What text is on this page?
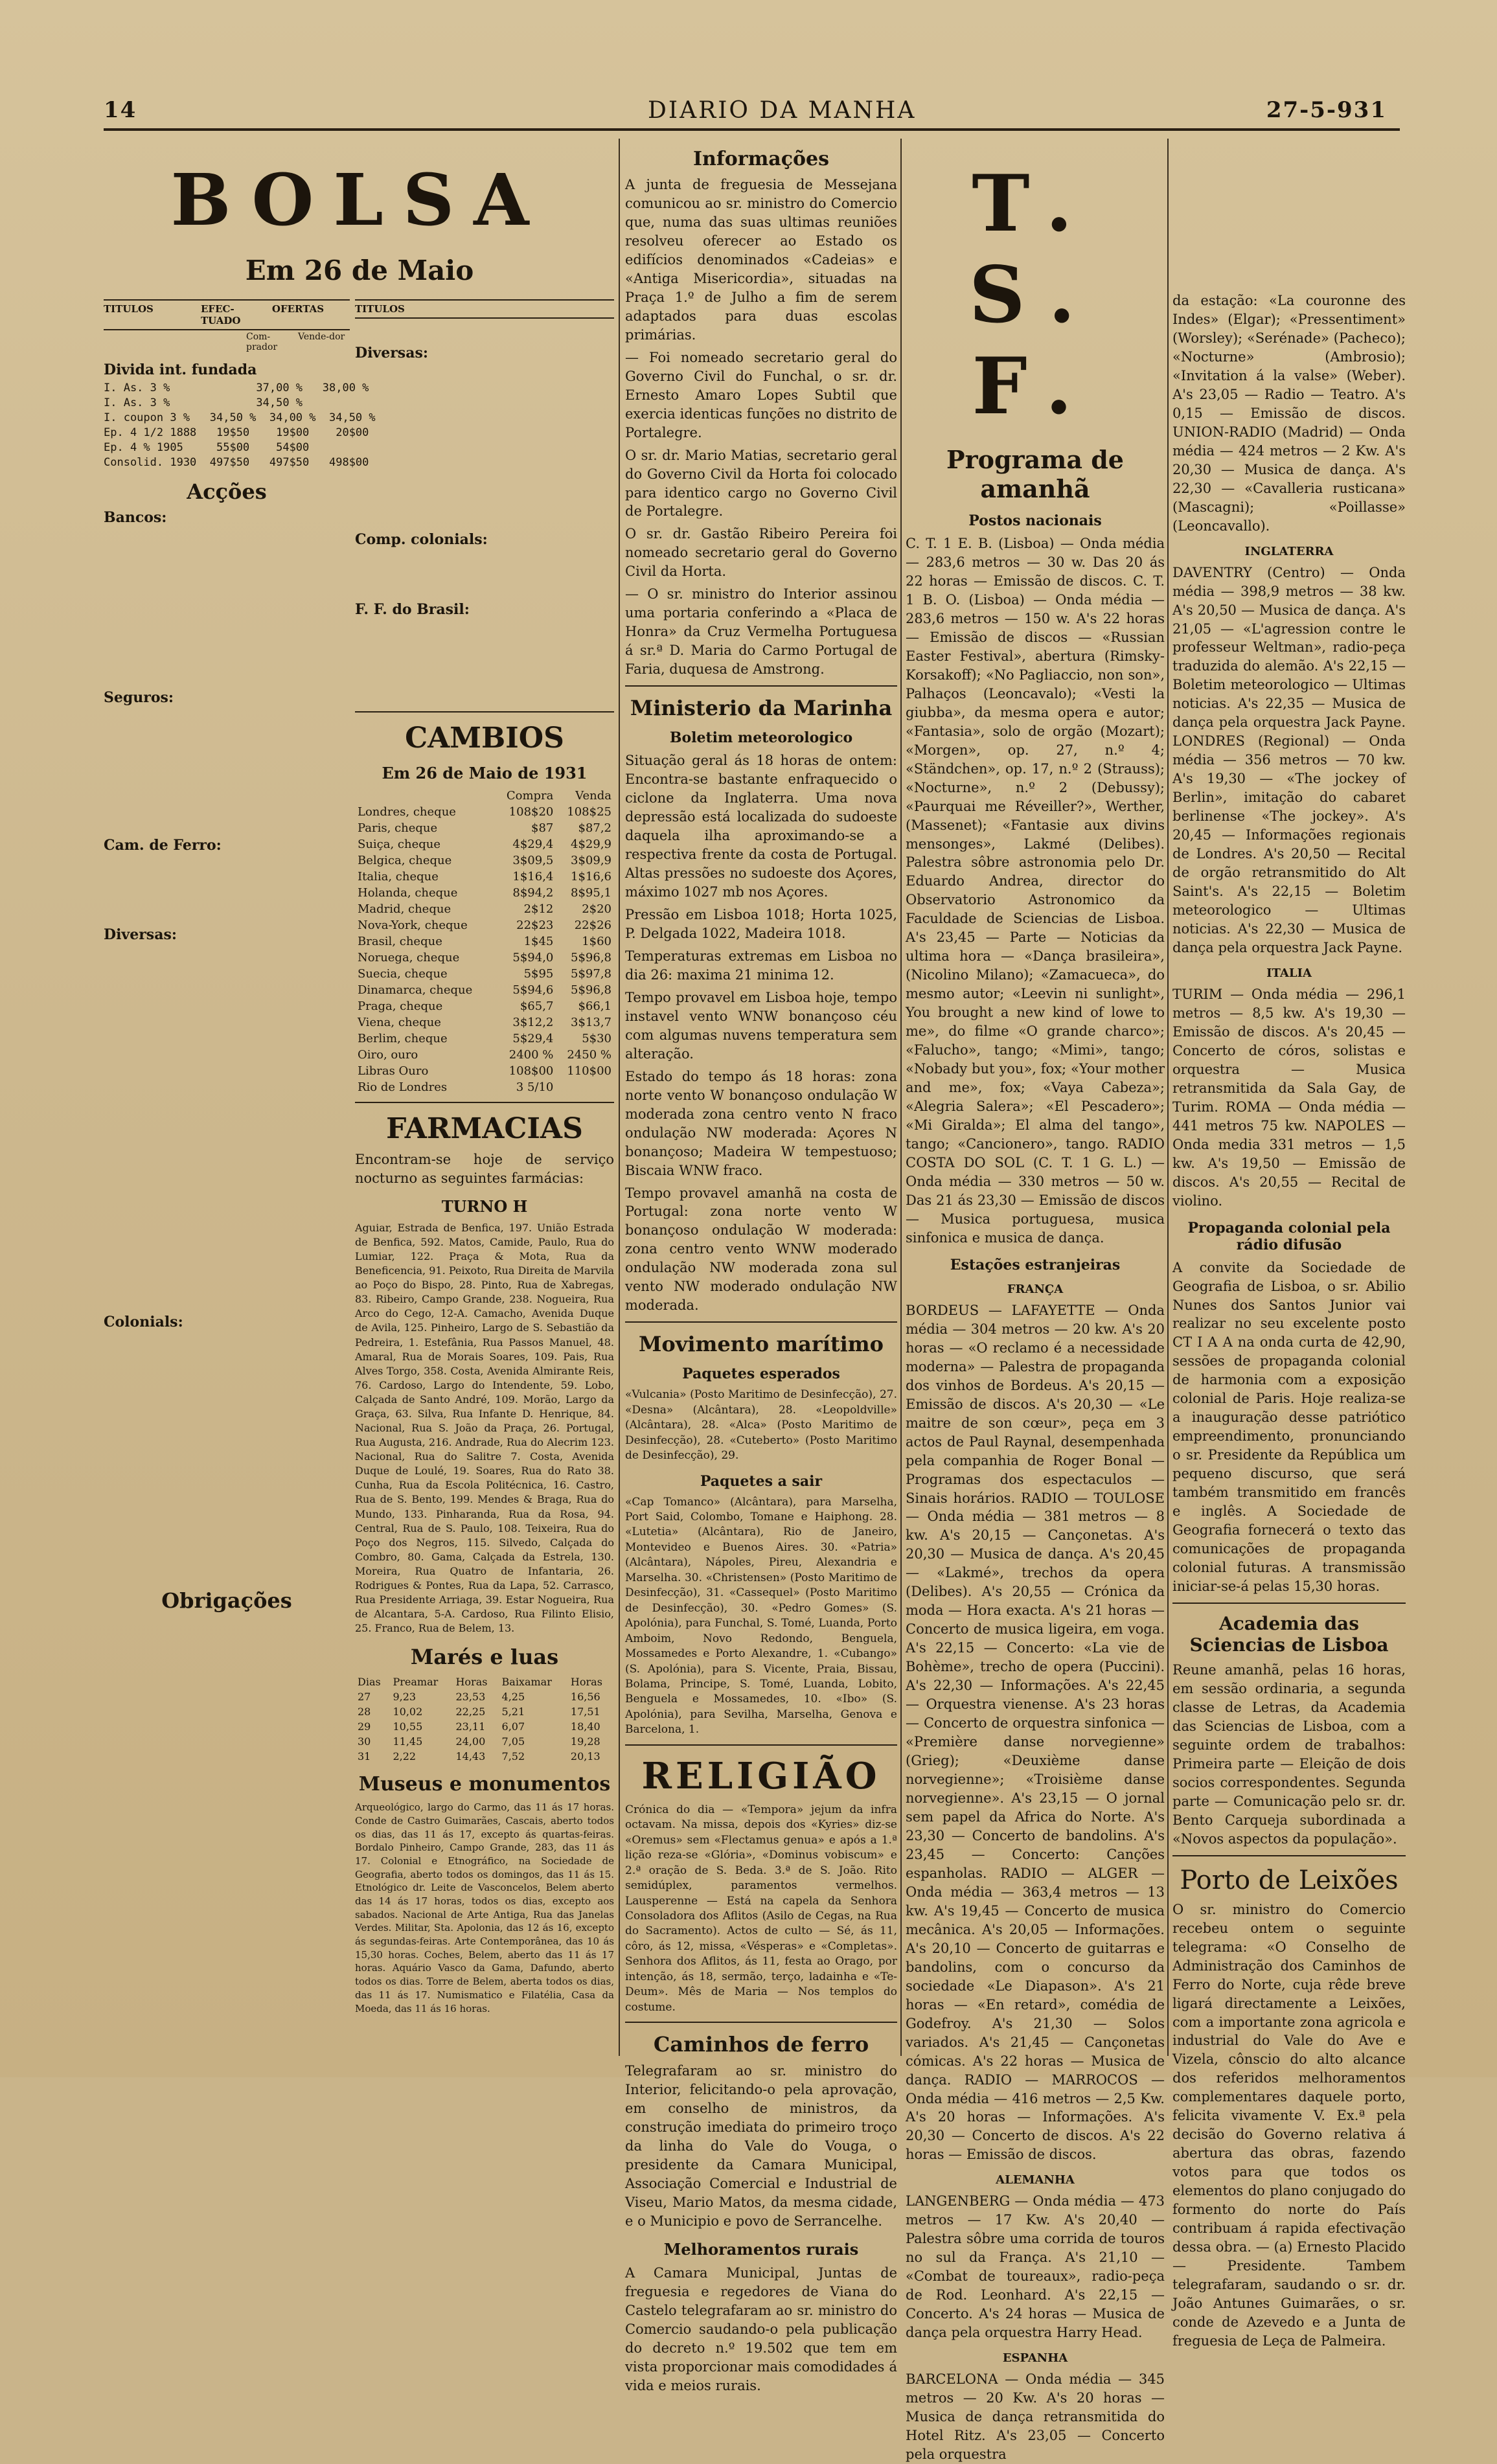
14	DIARIO DA MANHA	27-5-931
BOLSA
Em 26 de Maio
TITULOS	EFEC-TUADO
OFERTAS
Com-prador
Vende-dor
Divida int. fundada
I. As. 3 %             37,00 %   38,00 %
I. As. 3 %             34,50 %
I. coupon 3 %   34,50 %  34,00 %  34,50 %
Ep. 4 1/2 1888   19$50    19$00    20$00
Ep. 4 % 1905     55$00    54$00
Consolid. 1930  497$50   497$50   498$00
Acções
Bancos:
Seguros:
Cam. de Ferro:
Diversas:
Colonials:
Obrigações
TITULOS
Diversas:
Comp. colonials:
F. F. do Brasil:
CAMBIOS
Em 26 de Maio de 1931
	Compra	Venda
Londres, cheque	108$20	108$25
Paris, cheque	$87	$87,2
Suiça, cheque	4$29,4	4$29,9
Belgica, cheque	3$09,5	3$09,9
Italia, cheque	1$16,4	1$16,6
Holanda, cheque	8$94,2	8$95,1
Madrid, cheque	2$12	2$20
Nova-York, cheque	22$23	22$26
Brasil, cheque	1$45	1$60
Noruega, cheque	5$94,0	5$96,8
Suecia, cheque	5$95	5$97,8
Dinamarca, cheque	5$94,6	5$96,8
Praga, cheque	$65,7	$66,1
Viena, cheque	3$12,2	3$13,7
Berlim, cheque	5$29,4	5$30
Oiro, ouro	2400 %	2450 %
Libras Ouro	108$00	110$00
Rio de Londres	3 5/10	
FARMACIAS
Encontram-se hoje de serviço nocturno as seguintes farmácias:
TURNO H
Aguiar, Estrada de Benfica, 197. União Estrada de Benfica, 592. Matos, Camide, Paulo, Rua do Lumiar, 122. Praça & Mota, Rua da Beneficencia, 91. Peixoto, Rua Direita de Marvila ao Poço do Bispo, 28. Pinto, Rua de Xabregas, 83. Ribeiro, Campo Grande, 238. Nogueira, Rua Arco do Cego, 12-A. Camacho, Avenida Duque de Avila, 125. Pinheiro, Largo de S. Sebastião da Pedreira, 1. Estefânia, Rua Passos Manuel, 48. Amaral, Rua de Morais Soares, 109. Pais, Rua Alves Torgo, 358. Costa, Avenida Almirante Reis, 76. Cardoso, Largo do Intendente, 59. Lobo, Calçada de Santo André, 109. Morão, Largo da Graça, 63. Silva, Rua Infante D. Henrique, 84. Nacional, Rua S. João da Praça, 26. Portugal, Rua Augusta, 216. Andrade, Rua do Alecrim 123. Nacional, Rua do Salitre 7. Costa, Avenida Duque de Loulé, 19. Soares, Rua do Rato 38. Cunha, Rua da Escola Politécnica, 16. Castro, Rua de S. Bento, 199. Mendes & Braga, Rua do Mundo, 133. Pinharanda, Rua da Rosa, 94. Central, Rua de S. Paulo, 108. Teixeira, Rua do Poço dos Negros, 115. Silvedo, Calçada do Combro, 80. Gama, Calçada da Estrela, 130. Moreira, Rua Quatro de Infantaria, 26. Rodrigues & Pontes, Rua da Lapa, 52. Carrasco, Rua Presidente Arriaga, 39. Estar Nogueira, Rua de Alcantara, 5-A. Cardoso, Rua Filinto Elisio, 25. Franco, Rua de Belem, 13.
Marés e luas
Dias	Preamar	Horas	Baixamar	Horas
27	9,23	23,53	4,25	16,56
28	10,02	22,25	5,21	17,51
29	10,55	23,11	6,07	18,40
30	11,45	24,00	7,05	19,28
31	2,22	14,43	7,52	20,13
Museus e monumentos
Arqueológico, largo do Carmo, das 11 ás 17 horas. Conde de Castro Guimarães, Cascais, aberto todos os dias, das 11 ás 17, excepto ás quartas-feiras. Bordalo Pinheiro, Campo Grande, 283, das 11 ás 17. Colonial e Etnográfico, na Sociedade de Geografia, aberto todos os domingos, das 11 ás 15. Etnológico dr. Leite de Vasconcelos, Belem aberto das 14 ás 17 horas, todos os dias, excepto aos sabados. Nacional de Arte Antiga, Rua das Janelas Verdes. Militar, Sta. Apolonia, das 12 ás 16, excepto ás segundas-feiras. Arte Contemporânea, das 10 ás 15,30 horas. Coches, Belem, aberto das 11 ás 17 horas. Aquário Vasco da Gama, Dafundo, aberto todos os dias. Torre de Belem, aberta todos os dias, das 11 ás 17. Numismatico e Filatélia, Casa da Moeda, das 11 ás 16 horas.
Informações
A junta de freguesia de Messejana comunicou ao sr. ministro do Comercio que, numa das suas ultimas reuniões resolveu oferecer ao Estado os edifícios denominados «Cadeias» e «Antiga Misericordia», situadas na Praça 1.º de Julho a fim de serem adaptados para duas escolas primárias.
— Foi nomeado secretario geral do Governo Civil do Funchal, o sr. dr. Ernesto Amaro Lopes Subtil que exercia identicas funções no distrito de Portalegre.
O sr. dr. Mario Matias, secretario geral do Governo Civil da Horta foi colocado para identico cargo no Governo Civil de Portalegre.
O sr. dr. Gastão Ribeiro Pereira foi nomeado secretario geral do Governo Civil da Horta.
— O sr. ministro do Interior assinou uma portaria conferindo a «Placa de Honra» da Cruz Vermelha Portuguesa á sr.ª D. Maria do Carmo Portugal de Faria, duquesa de Amstrong.
Ministerio da Marinha
Boletim meteorologico
Situação geral ás 18 horas de ontem: Encontra-se bastante enfraquecido o ciclone da Inglaterra. Uma nova depressão está localizada do sudoeste daquela ilha aproximando-se a respectiva frente da costa de Portugal. Altas pressões no sudoeste dos Açores, máximo 1027 mb nos Açores.
Pressão em Lisboa 1018; Horta 1025, P. Delgada 1022, Madeira 1018.
Temperaturas extremas em Lisboa no dia 26: maxima 21 minima 12.
Tempo provavel em Lisboa hoje, tempo instavel vento WNW bonançoso céu com algumas nuvens temperatura sem alteração.
Estado do tempo ás 18 horas: zona norte vento W bonançoso ondulação W moderada zona centro vento N fraco ondulação NW moderada: Açores N bonançoso; Madeira W tempestuoso; Biscaia WNW fraco.
Tempo provavel amanhã na costa de Portugal: zona norte vento W bonançoso ondulação W moderada: zona centro vento WNW moderado ondulação NW moderada zona sul vento NW moderado ondulação NW moderada.
Movimento marítimo
Paquetes esperados
«Vulcania» (Posto Maritimo de Desinfecção), 27. «Desna» (Alcântara), 28. «Leopoldville» (Alcântara), 28. «Alca» (Posto Maritimo de Desinfecção), 28. «Cuteberto» (Posto Maritimo de Desinfecção), 29.
Paquetes a sair
«Cap Tomanco» (Alcântara), para Marselha, Port Said, Colombo, Tomane e Haiphong. 28. «Lutetia» (Alcântara), Rio de Janeiro, Montevideo e Buenos Aires. 30. «Patria» (Alcântara), Nápoles, Pireu, Alexandria e Marselha. 30. «Christensen» (Posto Maritimo de Desinfecção), 31. «Cassequel» (Posto Maritimo de Desinfecção), 30. «Pedro Gomes» (S. Apolónia), para Funchal, S. Tomé, Luanda, Porto Amboim, Novo Redondo, Benguela, Mossamedes e Porto Alexandre, 1. «Cubango» (S. Apolónia), para S. Vicente, Praia, Bissau, Bolama, Principe, S. Tomé, Luanda, Lobito, Benguela e Mossamedes, 10. «Ibo» (S. Apolónia), para Sevilha, Marselha, Genova e Barcelona, 1.
RELIGIÃO
Crónica do dia — «Tempora» jejum da infra octavam. Na missa, depois dos «Kyries» diz-se «Oremus» sem «Flectamus genua» e após a 1.ª lição reza-se «Glória», «Dominus vobiscum» e 2.ª oração de S. Beda. 3.ª de S. João. Rito semidúplex, paramentos vermelhos. Lausperenne — Está na capela da Senhora Consoladora dos Aflitos (Asilo de Cegas, na Rua do Sacramento). Actos de culto — Sé, ás 11, côro, ás 12, missa, «Vésperas» e «Completas». Senhora dos Aflitos, ás 11, festa ao Orago, por intenção, ás 18, sermão, terço, ladainha e «Te-Deum». Mês de Maria — Nos templos do costume.
Caminhos de ferro
Telegrafaram ao sr. ministro do Interior, felicitando-o pela aprovação, em conselho de ministros, da construção imediata do primeiro troço da linha do Vale do Vouga, o presidente da Camara Municipal, Associação Comercial e Industrial de Viseu, Mario Matos, da mesma cidade, e o Municipio e povo de Serrancelhe.
Melhoramentos rurais
A Camara Municipal, Juntas de freguesia e regedores de Viana do Castelo telegrafaram ao sr. ministro do Comercio saudando-o pela publicação do decreto n.º 19.502 que tem em vista proporcionar mais comodidades á vida e meios rurais.
T. S. F.
Programa de amanhã
Postos nacionais
C. T. 1 E. B. (Lisboa) — Onda média — 283,6 metros — 30 w. Das 20 ás 22 horas — Emissão de discos. C. T. 1 B. O. (Lisboa) — Onda média — 283,6 metros — 150 w. A's 22 horas — Emissão de discos — «Russian Easter Festival», abertura (Rimsky-Korsakoff); «No Pagliaccio, non son», Palhaços (Leoncavalo); «Vesti la giubba», da mesma opera e autor; «Fantasia», solo de orgão (Mozart); «Morgen», op. 27, n.º 4; «Ständchen», op. 17, n.º 2 (Strauss); «Nocturne», n.º 2 (Debussy); «Paurquai me Réveiller?», Werther, (Massenet); «Fantasie aux divins mensonges», Lakmé (Delibes). Palestra sôbre astronomia pelo Dr. Eduardo Andrea, director do Observatorio Astronomico da Faculdade de Sciencias de Lisboa. A's 23,45 — Parte — Noticias da ultima hora — «Dança brasileira», (Nicolino Milano); «Zamacueca», do mesmo autor; «Leevin ni sunlight», You brought a new kind of lowe to me», do filme «O grande charco»; «Falucho», tango; «Mimi», tango; «Nobady but you», fox; «Your mother and me», fox; «Vaya Cabeza»; «Alegria Salera»; «El Pescadero»; «Mi Giralda»; El alma del tango», tango; «Cancionero», tango. RADIO COSTA DO SOL (C. T. 1 G. L.) — Onda média — 330 metros — 50 w. Das 21 ás 23,30 — Emissão de discos — Musica portuguesa, musica sinfonica e musica de dança.
Estações estranjeiras
FRANÇA
BORDEUS — LAFAYETTE — Onda média — 304 metros — 20 kw. A's 20 horas — «O reclamo é a necessidade moderna» — Palestra de propaganda dos vinhos de Bordeus. A's 20,15 — Emissão de discos. A's 20,30 — «Le maitre de son cœur», peça em 3 actos de Paul Raynal, desempenhada pela companhia de Roger Bonal — Programas dos espectaculos — Sinais horários. RADIO — TOULOSE — Onda média — 381 metros — 8 kw. A's 20,15 — Cançonetas. A's 20,30 — Musica de dança. A's 20,45 — «Lakmé», trechos da opera (Delibes). A's 20,55 — Crónica da moda — Hora exacta. A's 21 horas — Concerto de musica ligeira, em voga. A's 22,15 — Concerto: «La vie de Bohème», trecho de opera (Puccini). A's 22,30 — Informações. A's 22,45 — Orquestra vienense. A's 23 horas — Concerto de orquestra sinfonica — «Première danse norvegienne» (Grieg); «Deuxième danse norvegienne»; «Troisième danse norvegienne». A's 23,15 — O jornal sem papel da Africa do Norte. A's 23,30 — Concerto de bandolins. A's 23,45 — Concerto: Canções espanholas. RADIO — ALGER — Onda média — 363,4 metros — 13 kw. A's 19,45 — Concerto de musica mecânica. A's 20,05 — Informações. A's 20,10 — Concerto de guitarras e bandolins, com o concurso da sociedade «Le Diapason». A's 21 horas — «En retard», comédia de Godefroy. A's 21,30 — Solos variados. A's 21,45 — Cançonetas cómicas. A's 22 horas — Musica de dança. RADIO — MARROCOS — Onda média — 416 metros — 2,5 Kw. A's 20 horas — Informações. A's 20,30 — Concerto de discos. A's 22 horas — Emissão de discos.
ALEMANHA
LANGENBERG — Onda média — 473 metros — 17 Kw. A's 20,40 — Palestra sôbre uma corrida de touros no sul da França. A's 21,10 — «Combat de toureaux», radio-peça de Rod. Leonhard. A's 22,15 — Concerto. A's 24 horas — Musica de dança pela orquestra Harry Head.
ESPANHA
BARCELONA — Onda média — 345 metros — 20 Kw. A's 20 horas — Musica de dança retransmitida do Hotel Ritz. A's 23,05 — Concerto pela orquestra
da estação: «La couronne des Indes» (Elgar); «Pressentiment» (Worsley); «Serénade» (Pacheco); «Nocturne» (Ambrosio); «Invitation á la valse» (Weber). A's 23,05 — Radio — Teatro. A's 0,15 — Emissão de discos. UNION-RADIO (Madrid) — Onda média — 424 metros — 2 Kw. A's 20,30 — Musica de dança. A's 22,30 — «Cavalleria rusticana» (Mascagni); «Poillasse» (Leoncavallo).
INGLATERRA
DAVENTRY (Centro) — Onda média — 398,9 metros — 38 kw. A's 20,50 — Musica de dança. A's 21,05 — «L'agression contre le professeur Weltman», radio-peça traduzida do alemão. A's 22,15 — Boletim meteorologico — Ultimas noticias. A's 22,35 — Musica de dança pela orquestra Jack Payne. LONDRES (Regional) — Onda média — 356 metros — 70 kw. A's 19,30 — «The jockey of Berlin», imitação do cabaret berlinense «The jockey». A's 20,45 — Informações regionais de Londres. A's 20,50 — Recital de orgão retransmitido do Alt Saint's. A's 22,15 — Boletim meteorologico — Ultimas noticias. A's 22,30 — Musica de dança pela orquestra Jack Payne.
ITALIA
TURIM — Onda média — 296,1 metros — 8,5 kw. A's 19,30 — Emissão de discos. A's 20,45 — Concerto de córos, solistas e orquestra — Musica retransmitida da Sala Gay, de Turim. ROMA — Onda média — 441 metros 75 kw. NAPOLES — Onda media 331 metros — 1,5 kw. A's 19,50 — Emissão de discos. A's 20,55 — Recital de violino.
Propaganda colonial pela rádio difusão
A convite da Sociedade de Geografia de Lisboa, o sr. Abilio Nunes dos Santos Junior vai realizar no seu excelente posto CT I A A na onda curta de 42,90, sessões de propaganda colonial de harmonia com a exposição colonial de Paris. Hoje realiza-se a inauguração desse patriótico empreendimento, pronunciando o sr. Presidente da República um pequeno discurso, que será também transmitido em francês e inglês. A Sociedade de Geografia fornecerá o texto das comunicações de propaganda colonial futuras. A transmissão iniciar-se-á pelas 15,30 horas.
Academia das Sciencias de Lisboa
Reune amanhã, pelas 16 horas, em sessão ordinaria, a segunda classe de Letras, da Academia das Sciencias de Lisboa, com a seguinte ordem de trabalhos: Primeira parte — Eleição de dois socios correspondentes. Segunda parte — Comunicação pelo sr. dr. Bento Carqueja subordinada a «Novos aspectos da população».
Porto de Leixões
O sr. ministro do Comercio recebeu ontem o seguinte telegrama: «O Conselho de Administração dos Caminhos de Ferro do Norte, cuja rêde breve ligará directamente a Leixões, com a importante zona agricola e industrial do Vale do Ave e Vizela, cônscio do alto alcance dos referidos melhoramentos complementares daquele porto, felicita vivamente V. Ex.ª pela decisão do Governo relativa á abertura das obras, fazendo votos para que todos os elementos do plano conjugado do formento do norte do País contribuam á rapida efectivação dessa obra. — (a) Ernesto Placido — Presidente. Tambem telegrafaram, saudando o sr. dr. João Antunes Guimarães, o sr. conde de Azevedo e a Junta de freguesia de Leça de Palmeira.
